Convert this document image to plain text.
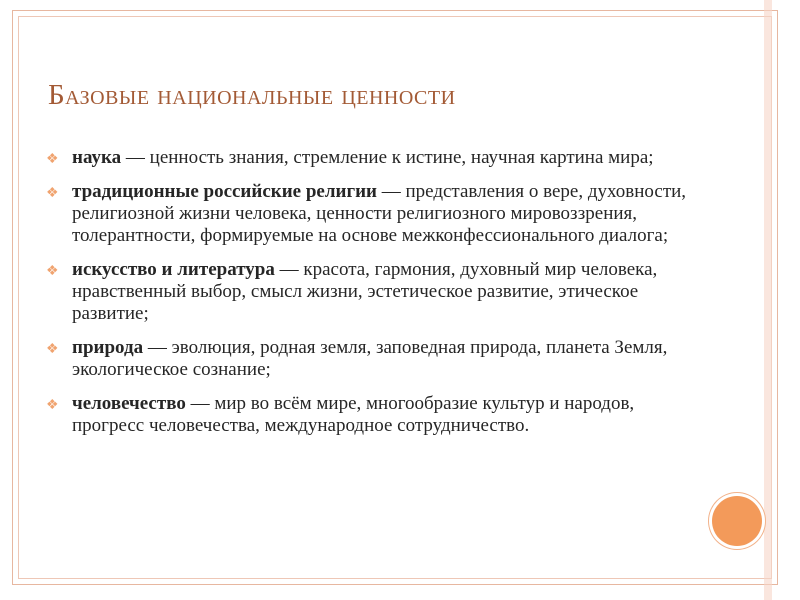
Базовые национальные ценности
❖ наука — ценность знания, стремление к истине, научная картина мира;
❖ традиционные российские религии — представления о вере, духовности, религиозной жизни человека, ценности религиозного мировоззрения, толерантности, формируемые на основе межконфессионального диалога;
❖ искусство и литература — красота, гармония, духовный мир человека, нравственный выбор, смысл жизни, эстетическое развитие, этическое развитие;
❖ природа — эволюция, родная земля, заповедная природа, планета Земля, экологическое сознание;
❖ человечество — мир во всём мире, многообразие культур и народов, прогресс человечества, международное сотрудничество.
